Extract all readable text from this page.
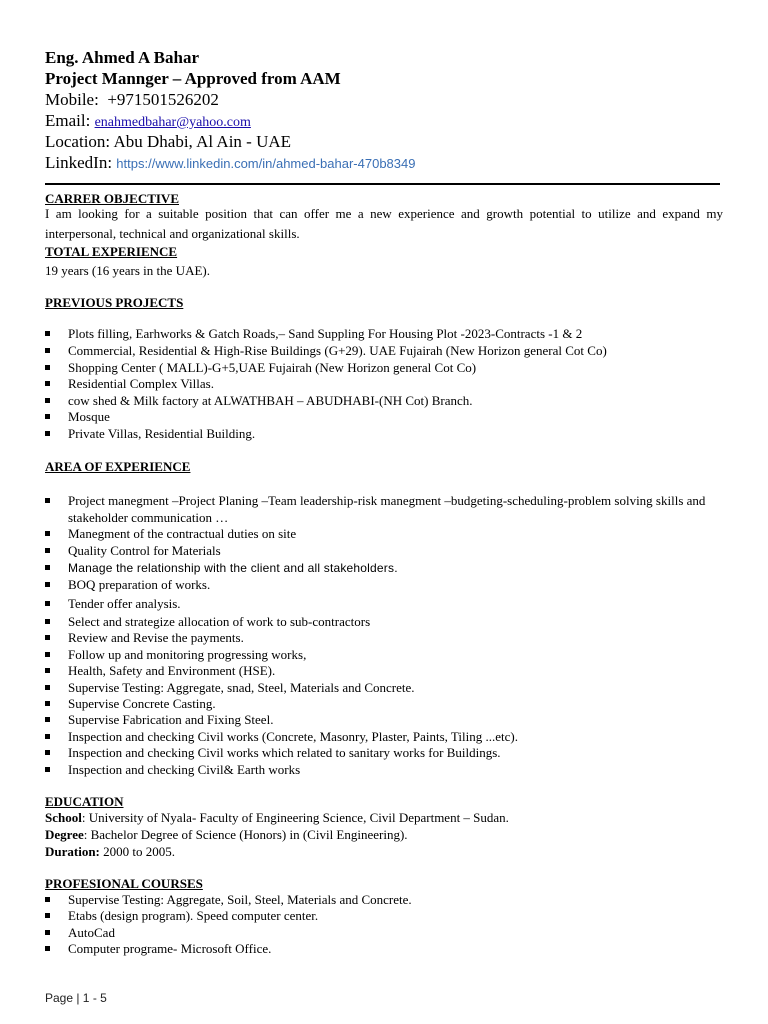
Eng. Ahmed A Bahar
Project Mannger – Approved from AAM
Mobile: +971501526202
Email: enahmedbahar@yahoo.com
Location: Abu Dhabi, Al Ain - UAE
LinkedIn: https://www.linkedin.com/in/ahmed-bahar-470b8349
CARRER OBJECTIVE
I am looking for a suitable position that can offer me a new experience and growth potential to utilize and expand my interpersonal, technical and organizational skills.
TOTAL EXPERIENCE
19 years (16 years in the UAE).
PREVIOUS PROJECTS
Plots filling, Earhworks & Gatch Roads,– Sand Suppling For Housing Plot -2023-Contracts -1 & 2
Commercial, Residential & High-Rise Buildings (G+29). UAE Fujairah (New Horizon general Cot Co)
Shopping Center ( MALL)-G+5,UAE Fujairah (New Horizon general Cot Co)
Residential Complex Villas.
cow shed & Milk factory at ALWATHBAH – ABUDHABI-(NH Cot) Branch.
Mosque
Private Villas, Residential Building.
AREA OF EXPERIENCE
Project manegment –Project Planing –Team leadership-risk manegment –budgeting-scheduling-problem solving skills and stakeholder communication …
Manegment of the contractual duties on site
Quality Control for Materials
Manage the relationship with the client and all stakeholders.
BOQ preparation of works.
Tender offer analysis.
Select and strategize allocation of work to sub-contractors
Review and Revise the payments.
Follow up and monitoring progressing works,
Health, Safety and Environment (HSE).
Supervise Testing: Aggregate, snad, Steel, Materials and Concrete.
Supervise Concrete Casting.
Supervise Fabrication and Fixing Steel.
Inspection and checking Civil works (Concrete, Masonry, Plaster, Paints, Tiling ...etc).
Inspection and checking Civil works which related to sanitary works for Buildings.
Inspection and checking Civil& Earth works
EDUCATION
School: University of Nyala- Faculty of Engineering Science, Civil Department – Sudan.
Degree: Bachelor Degree of Science (Honors) in (Civil Engineering).
Duration: 2000 to 2005.
PROFESIONAL COURSES
Supervise Testing: Aggregate, Soil, Steel, Materials and Concrete.
Etabs (design program). Speed computer center.
AutoCad
Computer programe- Microsoft Office.
Page | 1 - 5
